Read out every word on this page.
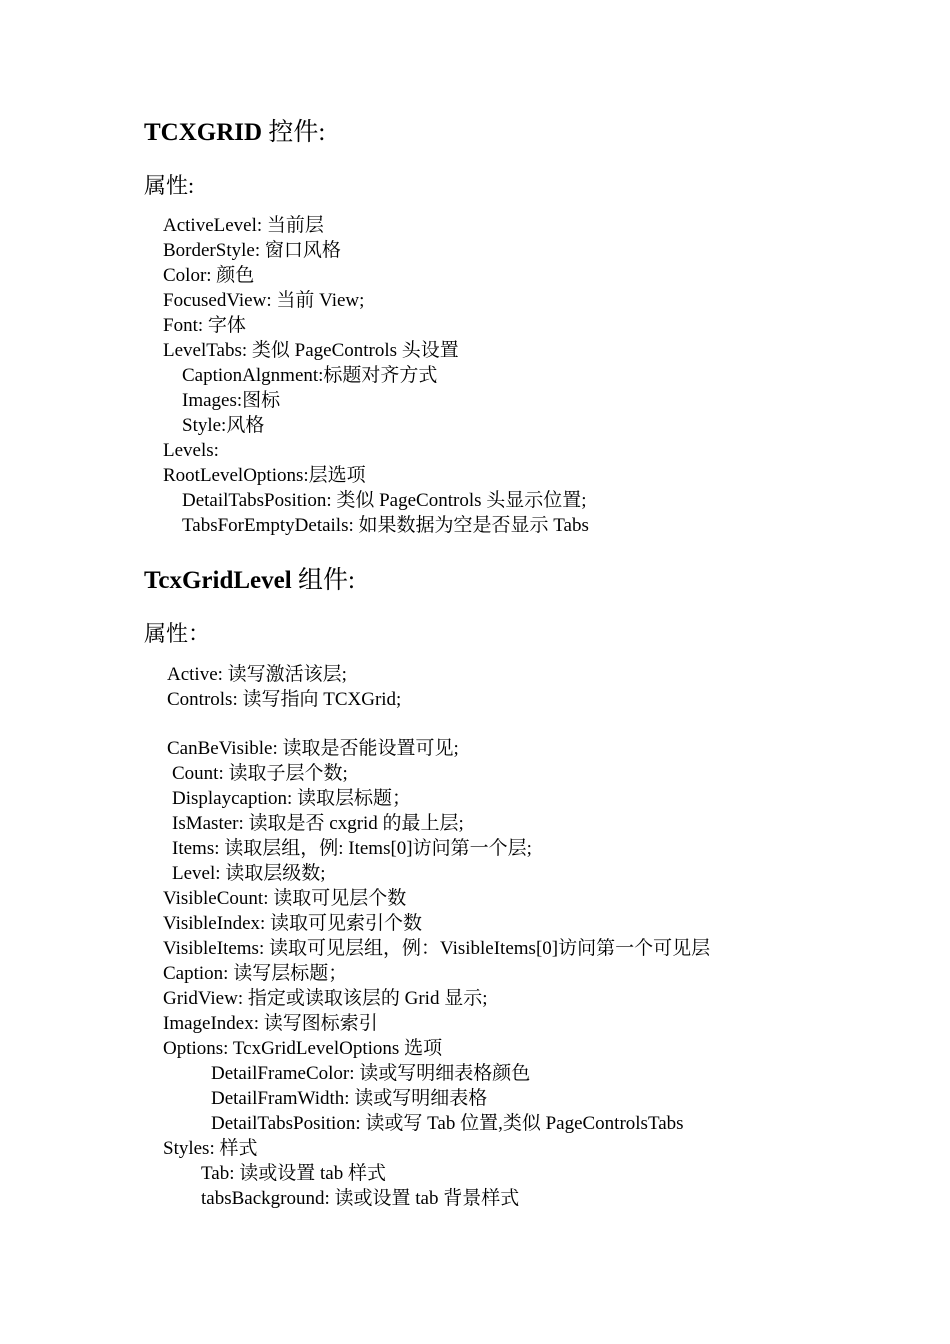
TCXGRID 控件:
属性:
ActiveLevel: 当前层
BorderStyle: 窗口风格
Color: 颜色
FocusedView: 当前 View;
Font: 字体
LevelTabs: 类似 PageControls 头设置
CaptionAlgnment:标题对齐方式
Images:图标
Style:风格
Levels:
RootLevelOptions:层选项
DetailTabsPosition: 类似 PageControls 头显示位置;
TabsForEmptyDetails: 如果数据为空是否显示 Tabs
TcxGridLevel 组件:
属性：
Active: 读写激活该层;
Controls: 读写指向 TCXGrid;
CanBeVisible: 读取是否能设置可见;
Count: 读取子层个数;
Displaycaption: 读取层标题；
IsMaster: 读取是否 cxgrid 的最上层;
Items: 读取层组，例: Items[0]访问第一个层;
Level: 读取层级数;
VisibleCount: 读取可见层个数
VisibleIndex: 读取可见索引个数
VisibleItems: 读取可见层组，例：VisibleItems[0]访问第一个可见层
Caption: 读写层标题；
GridView: 指定或读取该层的 Grid 显示;
ImageIndex: 读写图标索引
Options: TcxGridLevelOptions 选项
DetailFrameColor: 读或写明细表格颜色
DetailFramWidth: 读或写明细表格
DetailTabsPosition: 读或写 Tab 位置,类似 PageControlsTabs
Styles: 样式
Tab: 读或设置 tab 样式
tabsBackground: 读或设置 tab 背景样式
